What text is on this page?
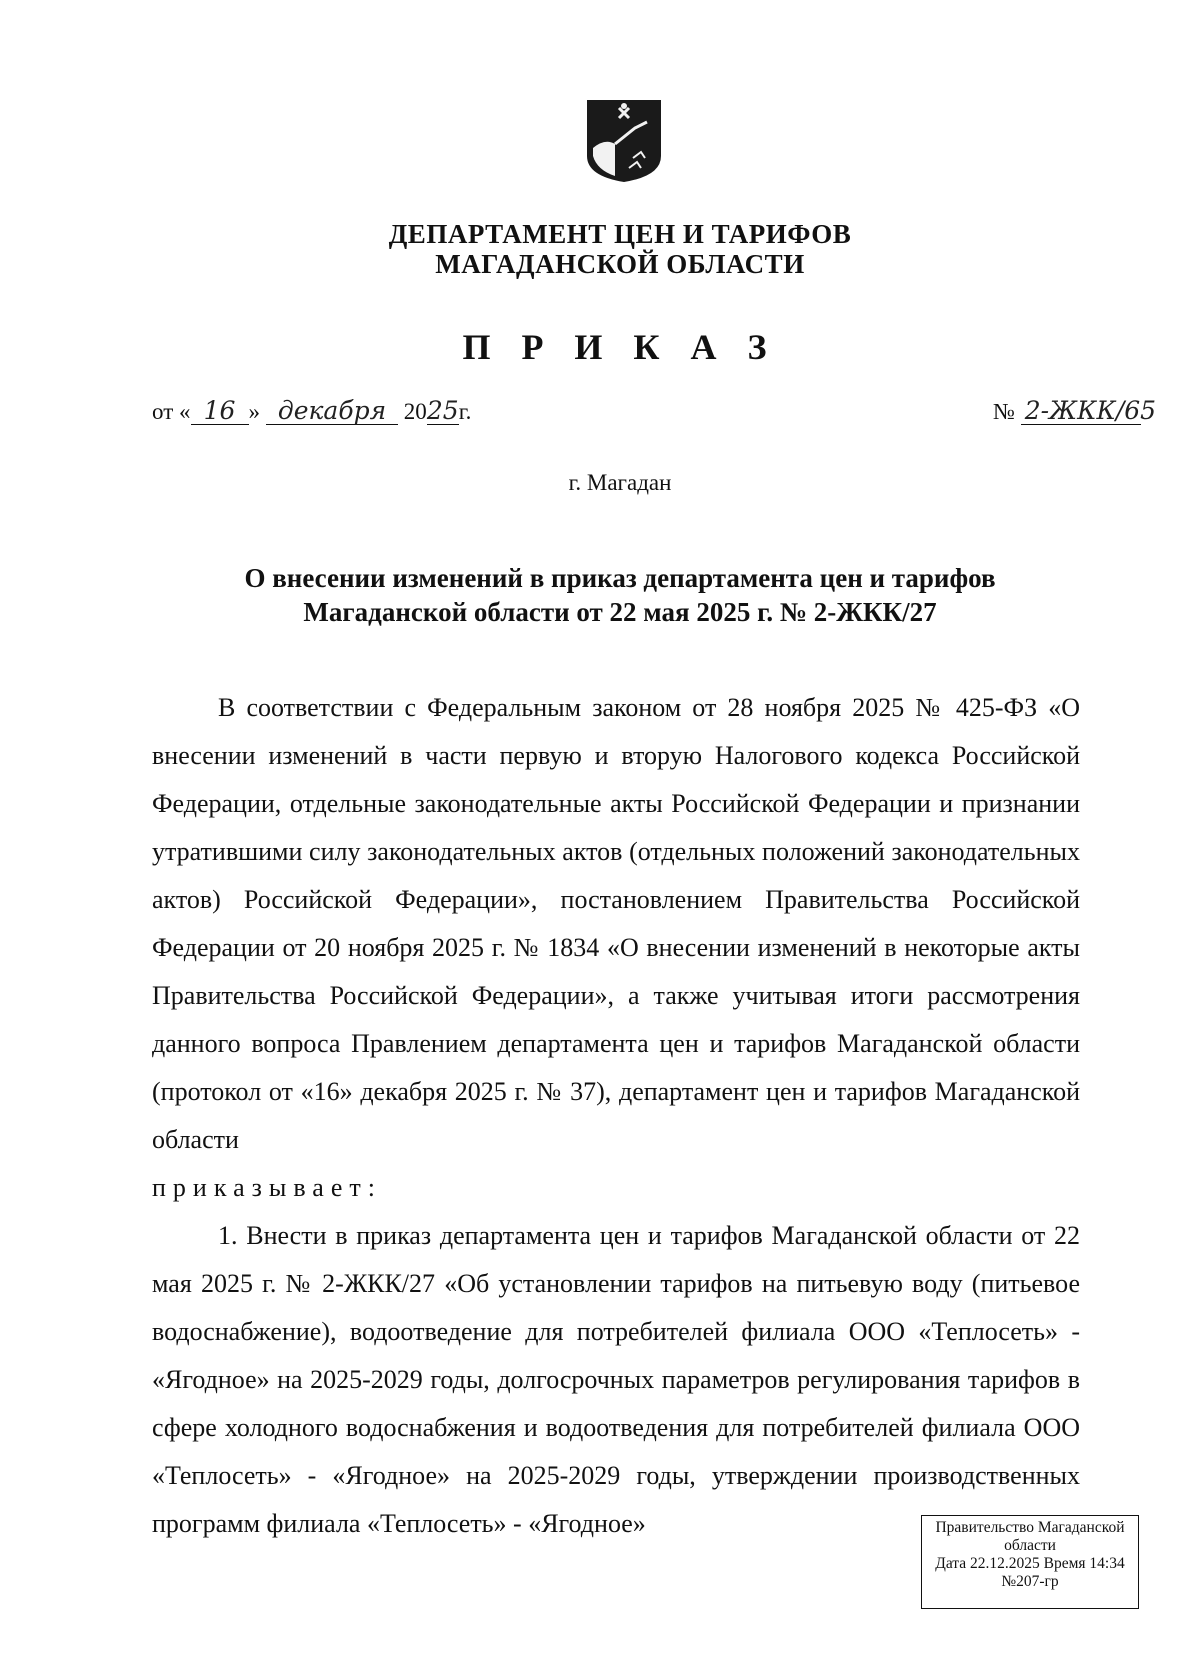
ДЕПАРТАМЕНТ ЦЕН И ТАРИФОВ
МАГАДАНСКОЙ ОБЛАСТИ
П Р И К А З
от « 16 » декабря 2025г.	№ 2-ЖКК/65
г. Магадан
О внесении изменений в приказ департамента цен и тарифов
Магаданской области от 22 мая 2025 г. № 2-ЖКК/27

В соответствии с Федеральным законом от 28 ноября 2025 № 425-ФЗ «О внесении изменений в части первую и вторую Налогового кодекса Российской Федерации, отдельные законодательные акты Российской Федерации и признании утратившими силу законодательных актов (отдельных положений законодательных актов) Российской Федерации», постановлением Правительства Российской Федерации от 20 ноября 2025 г. № 1834 «О внесении изменений в некоторые акты Правительства Российской Федерации», а также учитывая итоги рассмотрения данного вопроса Правлением департамента цен и тарифов Магаданской области (протокол от «16» декабря 2025 г. № 37), департамент цен и тарифов Магаданской области

приказывает:

1. Внести в приказ департамента цен и тарифов Магаданской области от 22 мая 2025 г. № 2-ЖКК/27 «Об установлении тарифов на питьевую воду (питьевое водоснабжение), водоотведение для потребителей филиала ООО «Теплосеть» - «Ягодное» на 2025-2029 годы, долгосрочных параметров регулирования тарифов в сфере холодного водоснабжения и водоотведения для потребителей филиала ООО «Теплосеть» - «Ягодное» на 2025-2029 годы, утверждении производственных программ филиала «Теплосеть» - «Ягодное»	Правительство Магаданской
области
Дата 22.12.2025 Время 14:34
№207-гр
